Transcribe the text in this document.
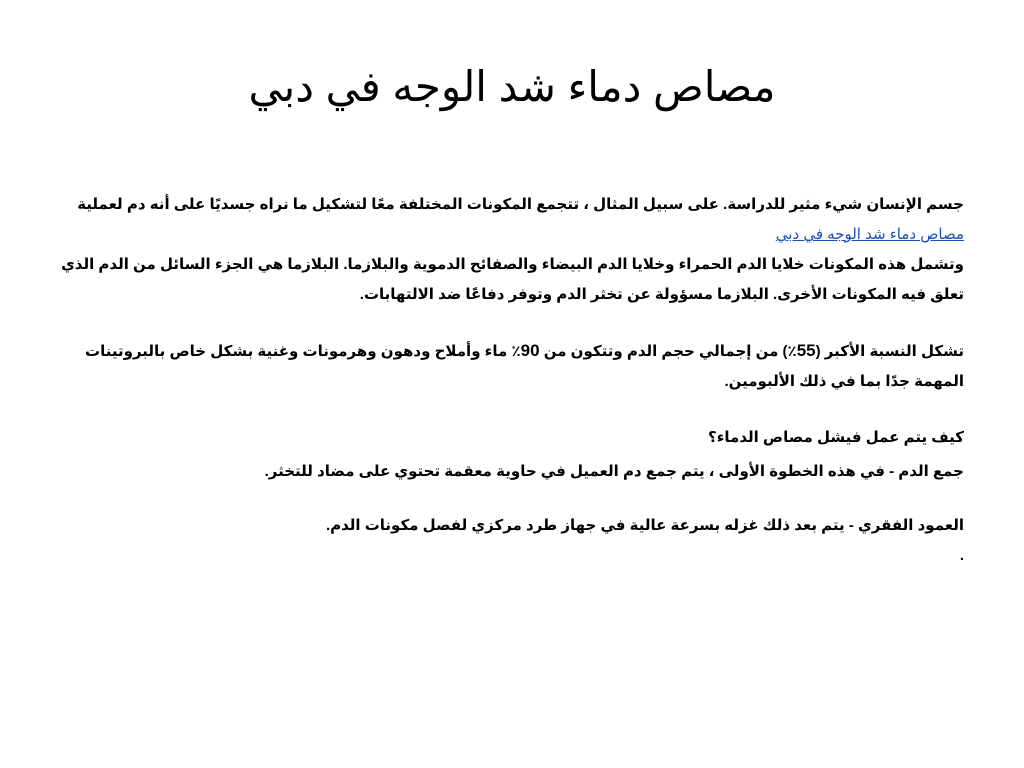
مصاص دماء شد الوجه في دبي

جسم الإنسان شيء مثير للدراسة. على سبيل المثال ، تتجمع المكونات المختلفة معًا لتشكيل ما نراه جسديًا على أنه دم لعملية مصاص دماء شد الوجه في دبي

وتشمل هذه المكونات خلايا الدم الحمراء وخلايا الدم البيضاء والصفائح الدموية والبلازما. البلازما هي الجزء السائل من الدم الذي تعلق فيه المكونات الأخرى. البلازما مسؤولة عن تخثر الدم وتوفر دفاعًا ضد الالتهابات.

تشكل النسبة الأكبر (55٪) من إجمالي حجم الدم وتتكون من 90٪ ماء وأملاح ودهون وهرمونات وغنية بشكل خاص بالبروتينات المهمة جدًا بما في ذلك الألبومين.

كيف يتم عمل فيشل مصاص الدماء؟

جمع الدم - في هذه الخطوة الأولى ، يتم جمع دم العميل في حاوية معقمة تحتوي على مضاد للتخثر.

العمود الفقري - يتم بعد ذلك غزله بسرعة عالية في جهاز طرد مركزي لفصل مكونات الدم.

.
